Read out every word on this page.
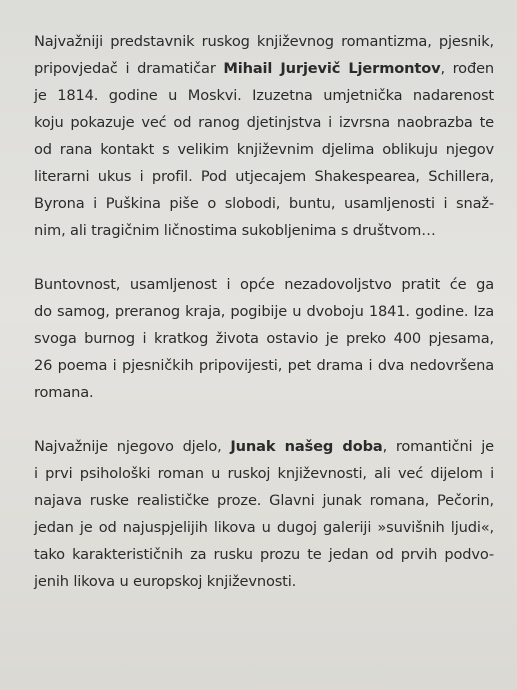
Najvažniji predstavnik ruskog književnog romantizma, pjesnik,
pripovjedač i dramatičar Mihail Jurjevič Ljermontov, rođen
je 1814. godine u Moskvi. Izuzetna umjetnička nadarenost
koju pokazuje već od ranog djetinjstva i izvrsna naobrazba te
od rana kontakt s velikim književnim djelima oblikuju njegov
literarni ukus i profil. Pod utjecajem Shakespearea, Schillera,
Byrona i Puškina piše o slobodi, buntu, usamljenosti i snaž-
nim, ali tragičnim ličnostima sukobljenima s društvom…
Buntovnost, usamljenost i opće nezadovoljstvo pratit će ga
do samog, preranog kraja, pogibije u dvoboju 1841. godine. Iza
svoga burnog i kratkog života ostavio je preko 400 pjesama,
26 poema i pjesničkih pripovijesti, pet drama i dva nedovršena
romana.
Najvažnije njegovo djelo, Junak našeg doba, romantični je
i prvi psihološki roman u ruskoj književnosti, ali već dijelom i
najava ruske realističke proze. Glavni junak romana, Pečorin,
jedan je od najuspjelijih likova u dugoj galeriji »suvišnih ljudi«,
tako karakterističnih za rusku prozu te jedan od prvih podvo-
jenih likova u europskoj književnosti.
